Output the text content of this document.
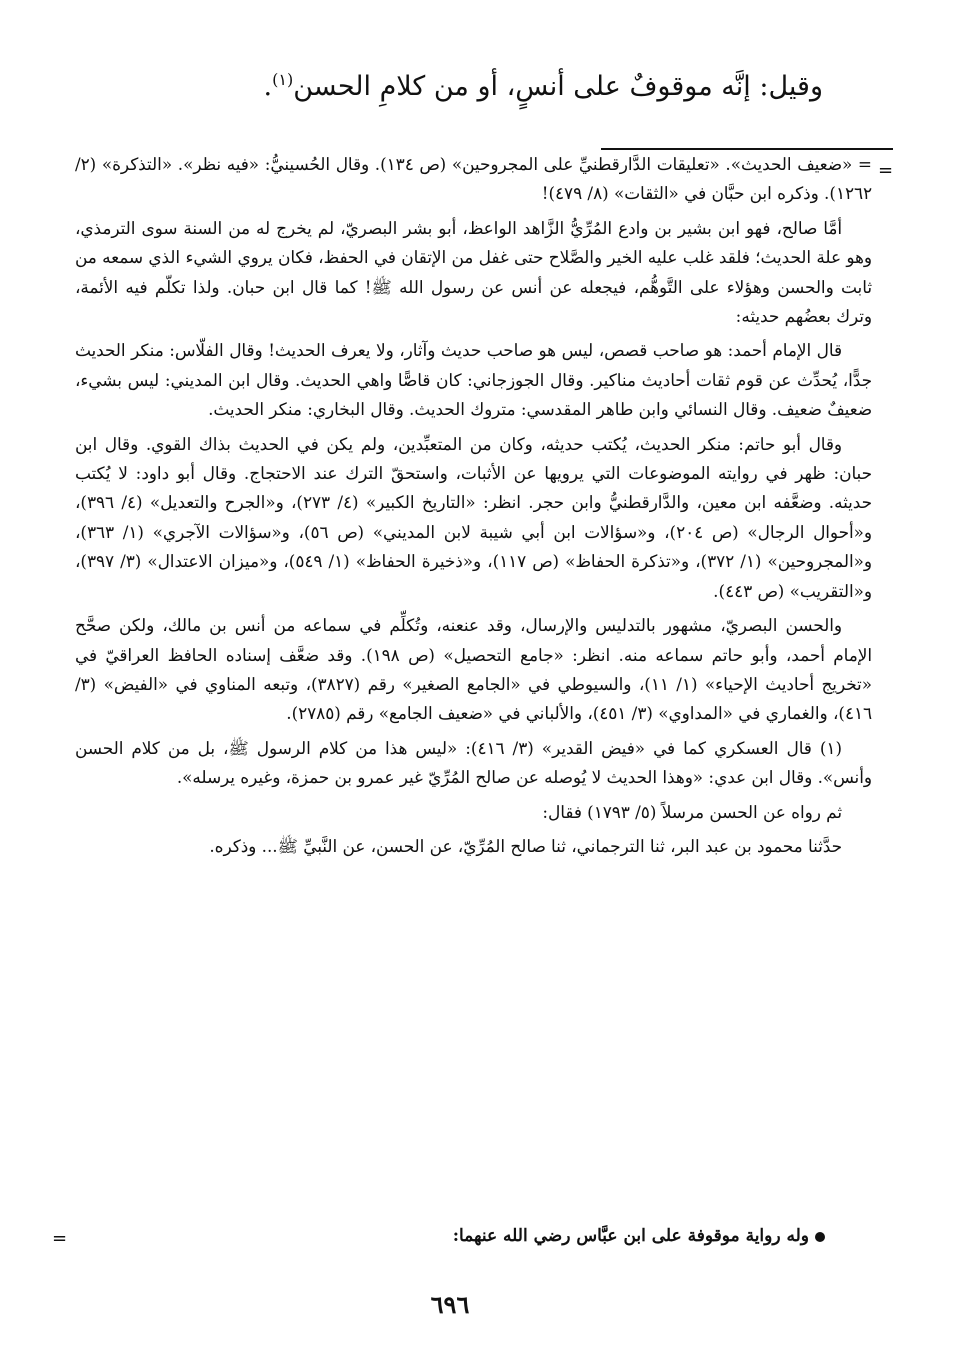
وقيل: إنَّه موقوفٌ على أنسٍ، أو من كلامِ الحسن$^{(١)}$.
=

= «ضعيف الحديث». «تعليقات الدَّارقطنيِّ على المجروحين» (ص ١٣٤). وقال الحُسينيُّ: «فيه نظر». «التذكرة» (٢/ ١٢٦٢). وذكره ابن حبَّان في «الثقات» (٨/ ٤٧٩)!

أمَّا صالح، فهو ابن بشير بن وادع المُرِّيُّ الزَّاهد الواعظ، أبو بشر البصريّ، لم يخرج له من السنة سوى الترمذي، وهو علة الحديث؛ فلقد غلب عليه الخير والصَّلاح حتى غفل من الإتقان في الحفظ، فكان يروي الشيء الذي سمعه من ثابت والحسن وهؤلاء على التَّوهُّم، فيجعله عن أنس عن رسول الله ﷺ! كما قال ابن حبان. ولذا تكلّم فيه الأئمة، وترك بعضُهم حديثه:

قال الإمام أحمد: هو صاحب قصص، ليس هو صاحب حديث وآثار، ولا يعرف الحديث! وقال الفلّاس: منكر الحديث جدًّا، يُحدِّث عن قوم ثقات أحاديث مناكير. وقال الجوزجاني: كان قاصًّا واهي الحديث. وقال ابن المديني: ليس بشيء، ضعيفٌ ضعيف. وقال النسائي وابن طاهر المقدسي: متروك الحديث. وقال البخاري: منكر الحديث.

وقال أبو حاتم: منكر الحديث، يُكتب حديثه، وكان من المتعبِّدين، ولم يكن في الحديث بذاك القوي. وقال ابن حبان: ظهر في روايته الموضوعات التي يرويها عن الأثبات، واستحقّ الترك عند الاحتجاج. وقال أبو داود: لا يُكتب حديثه. وضعَّفه ابن معين، والدَّارقطنيُّ وابن حجر. انظر: «التاريخ الكبير» (٤/ ٢٧٣)، و«الجرح والتعديل» (٤/ ٣٩٦)، و«أحوال الرجال» (ص ٢٠٤)، و«سؤالات ابن أبي شيبة لابن المديني» (ص ٥٦)، و«سؤالات الآجري» (١/ ٣٦٣)، و«المجروحين» (١/ ٣٧٢)، و«تذكرة الحفاظ» (ص ١١٧)، و«ذخيرة الحفاظ» (١/ ٥٤٩)، و«ميزان الاعتدال» (٣/ ٣٩٧)، و«التقريب» (ص ٤٤٣).

والحسن البصريّ، مشهور بالتدليس والإرسال، وقد عنعنه، وتُكلِّم في سماعه من أنس بن مالك، ولكن صحَّح الإمام أحمد، وأبو حاتم سماعه منه. انظر: «جامع التحصيل» (ص ١٩٨). وقد ضعَّف إسناده الحافظ العراقيّ في «تخريج أحاديث الإحياء» (١/ ١١)، والسيوطي في «الجامع الصغير» رقم (٣٨٢٧)، وتبعه المناوي في «الفيض» (٣/ ٤١٦)، والغماري في «المداوي» (٣/ ٤٥١)، والألباني في «ضعيف الجامع» رقم (٢٧٨٥).

(١) قال العسكري كما في «فيض القدير» (٣/ ٤١٦): «ليس هذا من كلام الرسول ﷺ، بل من كلام الحسن وأنس». وقال ابن عدي: «وهذا الحديث لا يُوصله عن صالح المُرِّيّ غير عمرو بن حمزة، وغيره يرسله».

ثم رواه عن الحسن مرسلاً (٥/ ١٧٩٣) فقال:

حدَّثنا محمود بن عبد البر، ثنا الترجماني، ثنا صالح المُرِّيّ، عن الحسن، عن النَّبيِّ ﷺ... وذكره.

وله رواية موقوفة على ابن عبَّاس رضي الله عنهما:
=
٦٩٦
